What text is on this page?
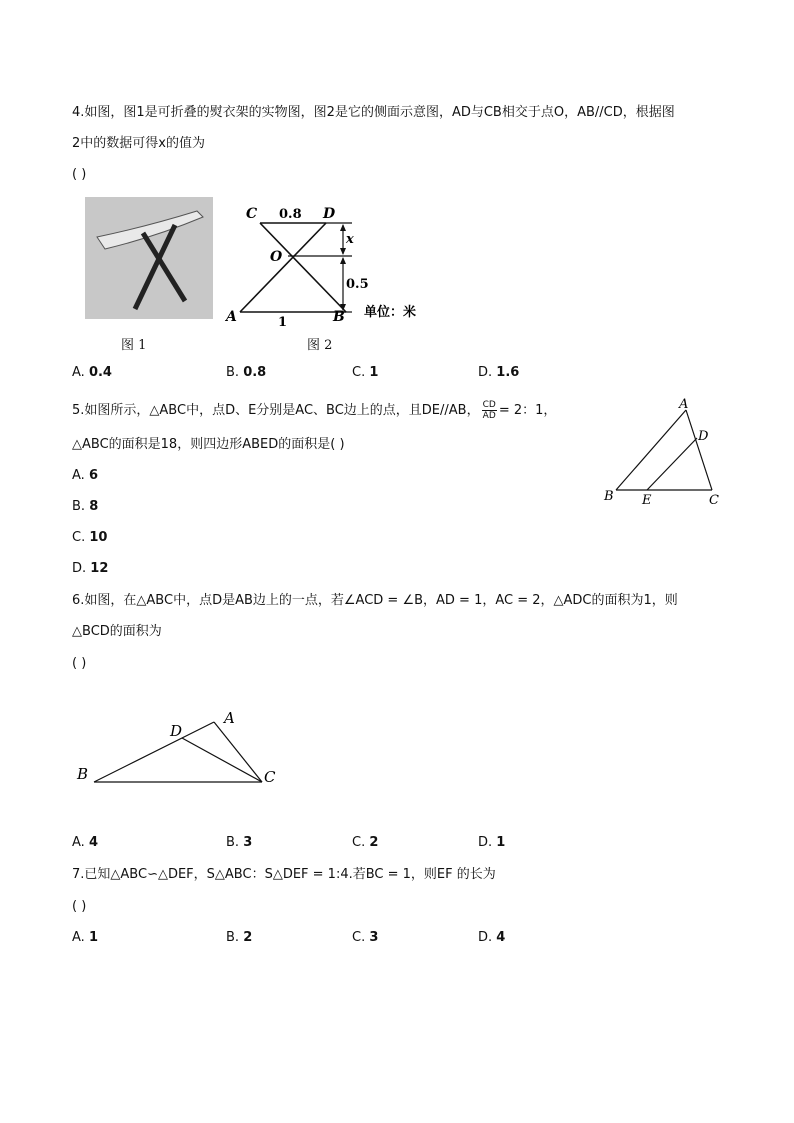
4.如图，图1是可折叠的熨衣架的实物图，图2是它的侧面示意图，AD与CB相交于点O，AB//CD，根据图
2中的数据可得x的值为
( )
图 1
C 0.8 D
x
O
0.5
A	1	B 单位：米
图 2
A. 0.4	B. 0.8	C. 1	D. 1.6
5.如图所示，△ABC中，点D、E分别是AC、BC边上的点，且DE//AB， $\frac{CD}{AD} = 2$：1，
△ABC的面积是18，则四边形ABED的面积是( )
A
D
B E	C
A. 6
B. 8
C. 10
D. 12
6.如图，在△ABC中，点D是AB边上的一点，若∠ACD = ∠B，AD = 1，AC = 2，△ADC的面积为1，则
△BCD的面积为
( )
D
A
B	C
A. 4	B. 3	C. 2	D. 1
7.已知△ABC∽△DEF，S△ABC：S△DEF = 1:4.若BC = 1，则EF 的长为
( )
A. 1	B. 2	C. 3	D. 4
